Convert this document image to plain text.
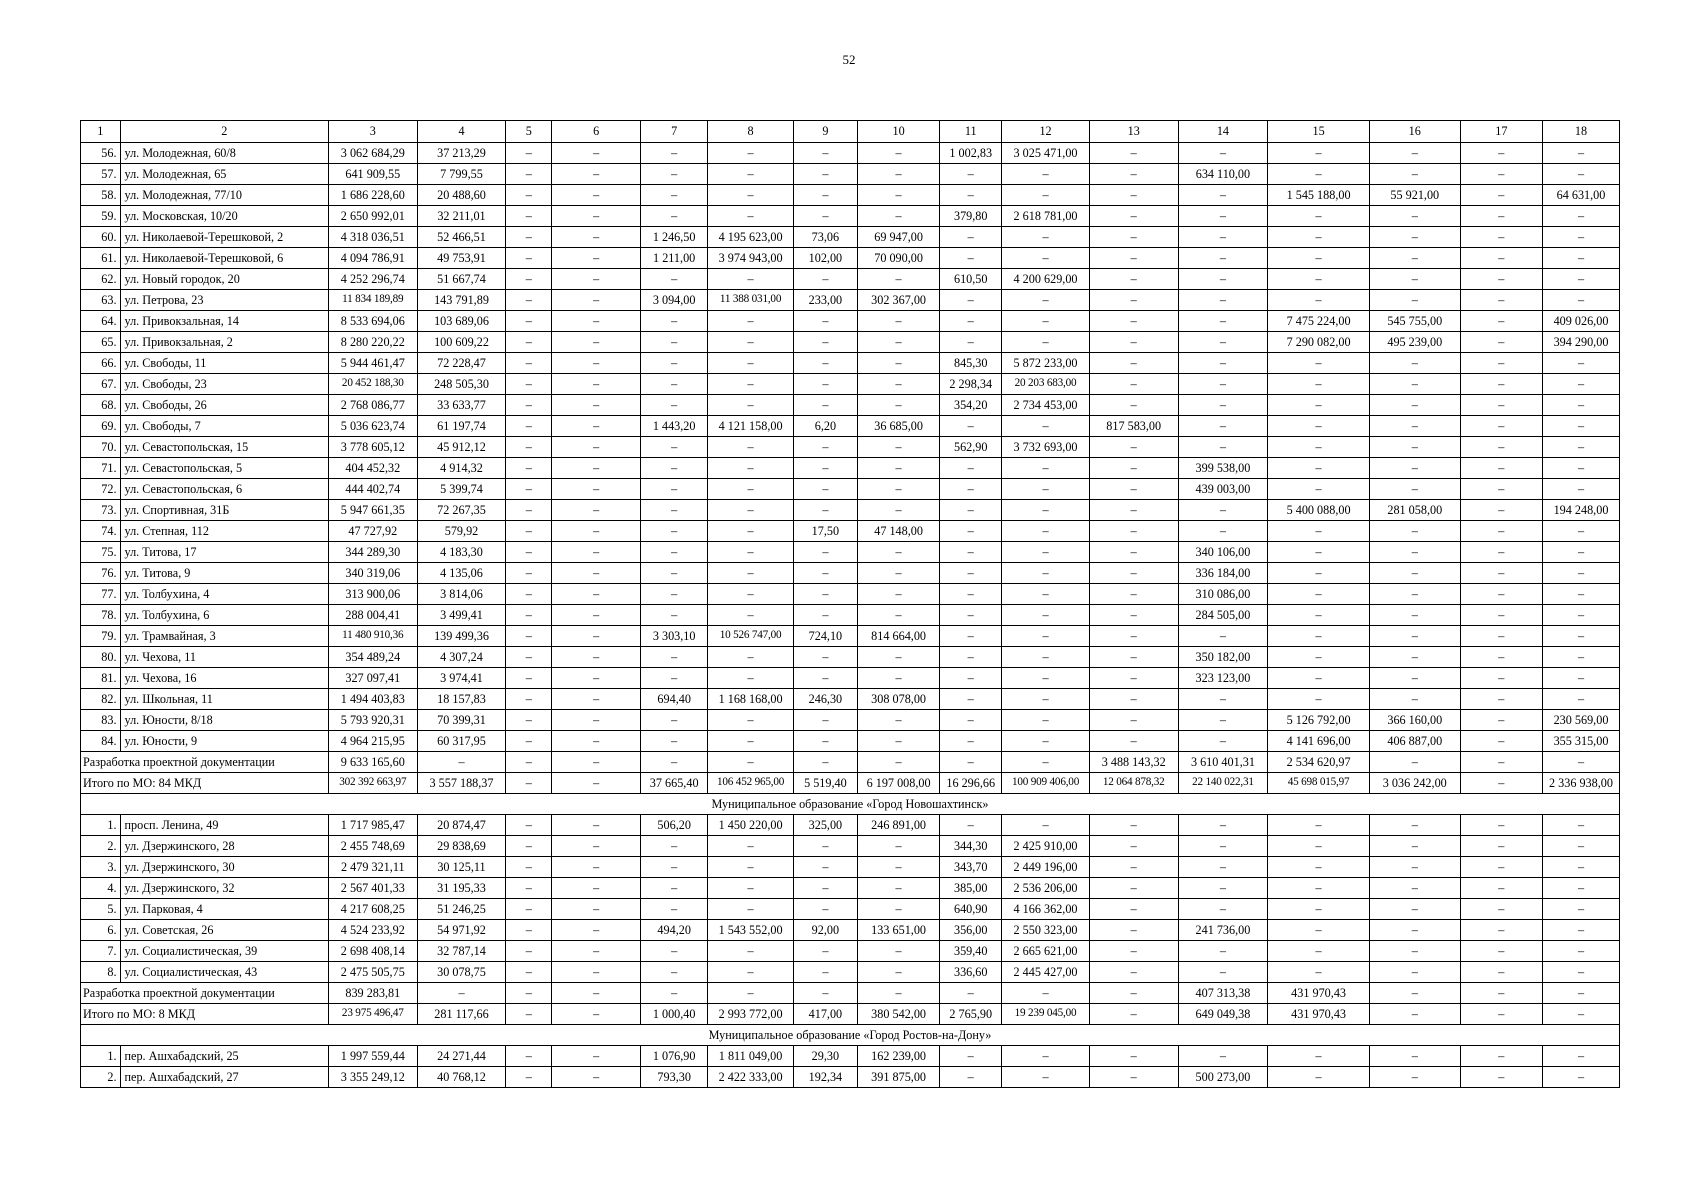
52
1	2	3	4	5	6	7	8	9	10	11	12	13	14	15	16	17	18
56.	ул. Молодежная, 60/8	3 062 684,29	37 213,29	–	–	–	–	–	–	1 002,83	3 025 471,00	–	–	–	–	–	–
57.	ул. Молодежная, 65	641 909,55	7 799,55	–	–	–	–	–	–	–	–	–	634 110,00	–	–	–	–
58.	ул. Молодежная, 77/10	1 686 228,60	20 488,60	–	–	–	–	–	–	–	–	–	–	1 545 188,00	55 921,00	–	64 631,00
59.	ул. Московская, 10/20	2 650 992,01	32 211,01	–	–	–	–	–	–	379,80	2 618 781,00	–	–	–	–	–	–
60.	ул. Николаевой-Терешковой, 2	4 318 036,51	52 466,51	–	–	1 246,50	4 195 623,00	73,06	69 947,00	–	–	–	–	–	–	–	–
61.	ул. Николаевой-Терешковой, 6	4 094 786,91	49 753,91	–	–	1 211,00	3 974 943,00	102,00	70 090,00	–	–	–	–	–	–	–	–
62.	ул. Новый городок, 20	4 252 296,74	51 667,74	–	–	–	–	–	–	610,50	4 200 629,00	–	–	–	–	–	–
63.	ул. Петрова, 23	11 834 189,89	143 791,89	–	–	3 094,00	11 388 031,00	233,00	302 367,00	–	–	–	–	–	–	–	–
64.	ул. Привокзальная, 14	8 533 694,06	103 689,06	–	–	–	–	–	–	–	–	–	–	7 475 224,00	545 755,00	–	409 026,00
65.	ул. Привокзальная, 2	8 280 220,22	100 609,22	–	–	–	–	–	–	–	–	–	–	7 290 082,00	495 239,00	–	394 290,00
66.	ул. Свободы, 11	5 944 461,47	72 228,47	–	–	–	–	–	–	845,30	5 872 233,00	–	–	–	–	–	–
67.	ул. Свободы, 23	20 452 188,30	248 505,30	–	–	–	–	–	–	2 298,34	20 203 683,00	–	–	–	–	–	–
68.	ул. Свободы, 26	2 768 086,77	33 633,77	–	–	–	–	–	–	354,20	2 734 453,00	–	–	–	–	–	–
69.	ул. Свободы, 7	5 036 623,74	61 197,74	–	–	1 443,20	4 121 158,00	6,20	36 685,00	–	–	817 583,00	–	–	–	–	–
70.	ул. Севастопольская, 15	3 778 605,12	45 912,12	–	–	–	–	–	–	562,90	3 732 693,00	–	–	–	–	–	–
71.	ул. Севастопольская, 5	404 452,32	4 914,32	–	–	–	–	–	–	–	–	–	399 538,00	–	–	–	–
72.	ул. Севастопольская, 6	444 402,74	5 399,74	–	–	–	–	–	–	–	–	–	439 003,00	–	–	–	–
73.	ул. Спортивная, 31Б	5 947 661,35	72 267,35	–	–	–	–	–	–	–	–	–	–	5 400 088,00	281 058,00	–	194 248,00
74.	ул. Степная, 112	47 727,92	579,92	–	–	–	–	17,50	47 148,00	–	–	–	–	–	–	–	–
75.	ул. Титова, 17	344 289,30	4 183,30	–	–	–	–	–	–	–	–	–	340 106,00	–	–	–	–
76.	ул. Титова, 9	340 319,06	4 135,06	–	–	–	–	–	–	–	–	–	336 184,00	–	–	–	–
77.	ул. Толбухина, 4	313 900,06	3 814,06	–	–	–	–	–	–	–	–	–	310 086,00	–	–	–	–
78.	ул. Толбухина, 6	288 004,41	3 499,41	–	–	–	–	–	–	–	–	–	284 505,00	–	–	–	–
79.	ул. Трамвайная, 3	11 480 910,36	139 499,36	–	–	3 303,10	10 526 747,00	724,10	814 664,00	–	–	–	–	–	–	–	–
80.	ул. Чехова, 11	354 489,24	4 307,24	–	–	–	–	–	–	–	–	–	350 182,00	–	–	–	–
81.	ул. Чехова, 16	327 097,41	3 974,41	–	–	–	–	–	–	–	–	–	323 123,00	–	–	–	–
82.	ул. Школьная, 11	1 494 403,83	18 157,83	–	–	694,40	1 168 168,00	246,30	308 078,00	–	–	–	–	–	–	–	–
83.	ул. Юности, 8/18	5 793 920,31	70 399,31	–	–	–	–	–	–	–	–	–	–	5 126 792,00	366 160,00	–	230 569,00
84.	ул. Юности, 9	4 964 215,95	60 317,95	–	–	–	–	–	–	–	–	–	–	4 141 696,00	406 887,00	–	355 315,00
Разработка проектной документации		9 633 165,60	–	–	–	–	–	–	–	–	–	3 488 143,32	3 610 401,31	2 534 620,97	–	–	–
Итого по МО: 84 МКД		302 392 663,97	3 557 188,37	–	–	37 665,40	106 452 965,00	5 519,40	6 197 008,00	16 296,66	100 909 406,00	12 064 878,32	22 140 022,31	45 698 015,97	3 036 242,00	–	2 336 938,00
Муниципальное образование «Город Новошахтинск»																	
1.	просп. Ленина, 49	1 717 985,47	20 874,47	–	–	506,20	1 450 220,00	325,00	246 891,00	–	–	–	–	–	–	–	–
2.	ул. Дзержинского, 28	2 455 748,69	29 838,69	–	–	–	–	–	–	344,30	2 425 910,00	–	–	–	–	–	–
3.	ул. Дзержинского, 30	2 479 321,11	30 125,11	–	–	–	–	–	–	343,70	2 449 196,00	–	–	–	–	–	–
4.	ул. Дзержинского, 32	2 567 401,33	31 195,33	–	–	–	–	–	–	385,00	2 536 206,00	–	–	–	–	–	–
5.	ул. Парковая, 4	4 217 608,25	51 246,25	–	–	–	–	–	–	640,90	4 166 362,00	–	–	–	–	–	–
6.	ул. Советская, 26	4 524 233,92	54 971,92	–	–	494,20	1 543 552,00	92,00	133 651,00	356,00	2 550 323,00	–	241 736,00	–	–	–	–
7.	ул. Социалистическая, 39	2 698 408,14	32 787,14	–	–	–	–	–	–	359,40	2 665 621,00	–	–	–	–	–	–
8.	ул. Социалистическая, 43	2 475 505,75	30 078,75	–	–	–	–	–	–	336,60	2 445 427,00	–	–	–	–	–	–
Разработка проектной документации		839 283,81	–	–	–	–	–	–	–	–	–	–	407 313,38	431 970,43	–	–	–
Итого по МО: 8 МКД		23 975 496,47	281 117,66	–	–	1 000,40	2 993 772,00	417,00	380 542,00	2 765,90	19 239 045,00	–	649 049,38	431 970,43	–	–	–
Муниципальное образование «Город Ростов-на-Дону»																	
1.	пер. Ашхабадский, 25	1 997 559,44	24 271,44	–	–	1 076,90	1 811 049,00	29,30	162 239,00	–	–	–	–	–	–	–	–
2.	пер. Ашхабадский, 27	3 355 249,12	40 768,12	–	–	793,30	2 422 333,00	192,34	391 875,00	–	–	–	500 273,00	–	–	–	–
